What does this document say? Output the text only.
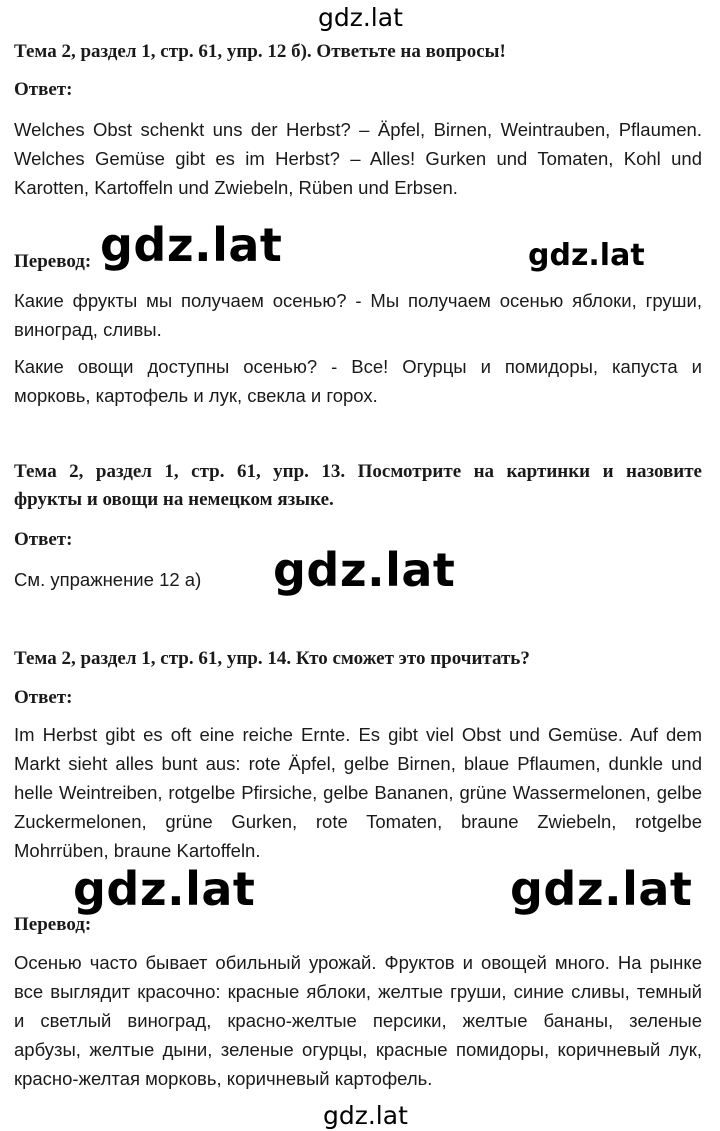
gdz.lat
gdz.lat	gdz.lat
gdz.lat
gdz.lat	gdz.lat
gdz.lat

Тема 2, раздел 1, стр. 61, упр. 12 б). Ответьте на вопросы!

Ответ:

Welches Obst schenkt uns der Herbst? – Äpfel, Birnen, Weintrauben, Pflaumen.
Welches Gemüse gibt es im Herbst? – Alles! Gurken und Tomaten, Kohl und
Karotten, Kartoffeln und Zwiebeln, Rüben und Erbsen.

Перевод:

Какие фрукты мы получаем осенью? - Мы получаем осенью яблоки, груши,
виноград, сливы.
Какие овощи доступны осенью? - Все! Огурцы и помидоры, капуста и
морковь, картофель и лук, свекла и горох.
Тема 2, раздел 1, стр. 61, упр. 13. Посмотрите на картинки и назовите
фрукты и овощи на немецком языке.

Ответ:

См. упражнение 12 а)

Тема 2, раздел 1, стр. 61, упр. 14. Кто сможет это прочитать?

Ответ:

Im Herbst gibt es oft eine reiche Ernte. Es gibt viel Obst und Gemüse. Auf dem
Markt sieht alles bunt aus: rote Äpfel, gelbe Birnen, blaue Pflaumen, dunkle und
helle Weintreiben, rotgelbe Pfirsiche, gelbe Bananen, grüne Wassermelonen, gelbe
Zuckermelonen, grüne Gurken, rote Tomaten, braune Zwiebeln, rotgelbe
Mohrrüben, braune Kartoffeln.

Перевод:

Осенью часто бывает обильный урожай. Фруктов и овощей много. На рынке
все выглядит красочно: красные яблоки, желтые груши, синие сливы, темный
и светлый виноград, красно-желтые персики, желтые бананы, зеленые
арбузы, желтые дыни, зеленые огурцы, красные помидоры, коричневый лук,
красно-желтая морковь, коричневый картофель.
